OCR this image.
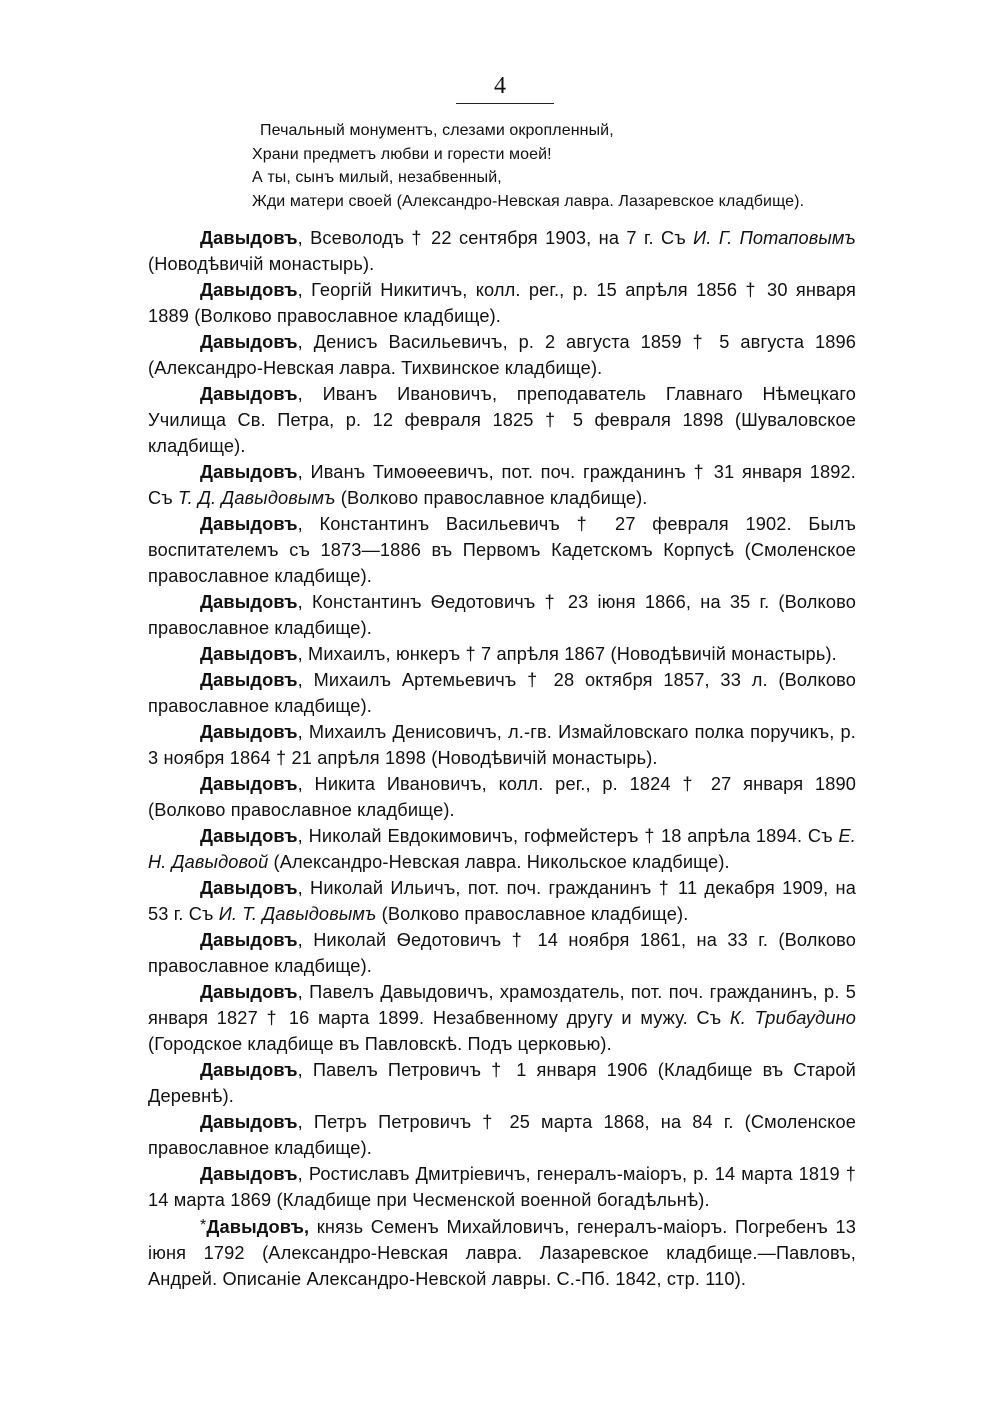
4
Печальный монументъ, слезами окропленный,
Храни предметъ любви и горести моей!
А ты, сынъ милый, незабвенный,
Жди матери своей (Александро-Невская лавра. Лазаревское кладбище).

Давыдовъ, Всеволодъ † 22 сентября 1903, на 7 г. Съ И. Г. Потаповымъ (Новодѣвичій монастырь).

Давыдовъ, Георгій Никитичъ, колл. рег., р. 15 апрѣля 1856 † 30 января 1889 (Волково православное кладбище).

Давыдовъ, Денисъ Васильевичъ, р. 2 августа 1859 † 5 августа 1896 (Александро-Невская лавра. Тихвинское кладбище).

Давыдовъ, Иванъ Ивановичъ, преподаватель Главнаго Нѣмецкаго Училища Св. Петра, р. 12 февраля 1825 † 5 февраля 1898 (Шуваловское кладбище).

Давыдовъ, Иванъ Тимоѳеевичъ, пот. поч. гражданинъ † 31 января 1892. Съ Т. Д. Давыдовымъ (Волково православное кладбище).

Давыдовъ, Константинъ Васильевичъ † 27 февраля 1902. Былъ воспитателемъ съ 1873—1886 въ Первомъ Кадетскомъ Корпусѣ (Смоленское православное кладбище).

Давыдовъ, Константинъ Ѳедотовичъ † 23 іюня 1866, на 35 г. (Волково православное кладбище).

Давыдовъ, Михаилъ, юнкеръ † 7 апрѣля 1867 (Новодѣвичій монастырь).

Давыдовъ, Михаилъ Артемьевичъ † 28 октября 1857, 33 л. (Волково православное кладбище).

Давыдовъ, Михаилъ Денисовичъ, л.-гв. Измайловскаго полка поручикъ, р. 3 ноября 1864 † 21 апрѣля 1898 (Новодѣвичій монастырь).

Давыдовъ, Никита Ивановичъ, колл. рег., р. 1824 † 27 января 1890 (Волково православное кладбище).

Давыдовъ, Николай Евдокимовичъ, гофмейстеръ † 18 апрѣла 1894. Съ Е. Н. Давыдовой (Александро-Невская лавра. Никольское кладбище).

Давыдовъ, Николай Ильичъ, пот. поч. гражданинъ † 11 декабря 1909, на 53 г. Съ И. Т. Давыдовымъ (Волково православное кладбище).

Давыдовъ, Николай Ѳедотовичъ † 14 ноября 1861, на 33 г. (Волково православное кладбище).

Давыдовъ, Павелъ Давыдовичъ, храмоздатель, пот. поч. гражданинъ, р. 5 января 1827 † 16 марта 1899. Незабвенному другу и мужу. Съ К. Трибаудино (Городское кладбище въ Павловскѣ. Подъ церковью).

Давыдовъ, Павелъ Петровичъ † 1 января 1906 (Кладбище въ Старой Деревнѣ).

Давыдовъ, Петръ Петровичъ † 25 марта 1868, на 84 г. (Смоленское православное кладбище).

Давыдовъ, Ростиславъ Дмитріевичъ, генералъ-маіоръ, р. 14 марта 1819 † 14 марта 1869 (Кладбище при Чесменской военной богадѣльнѣ).

*Давыдовъ, князь Семенъ Михайловичъ, генералъ-маіоръ. Погребенъ 13 іюня 1792 (Александро-Невская лавра. Лазаревское кладбище.—Павловъ, Андрей. Описаніе Александро-Невской лавры. С.-Пб. 1842, стр. 110).
